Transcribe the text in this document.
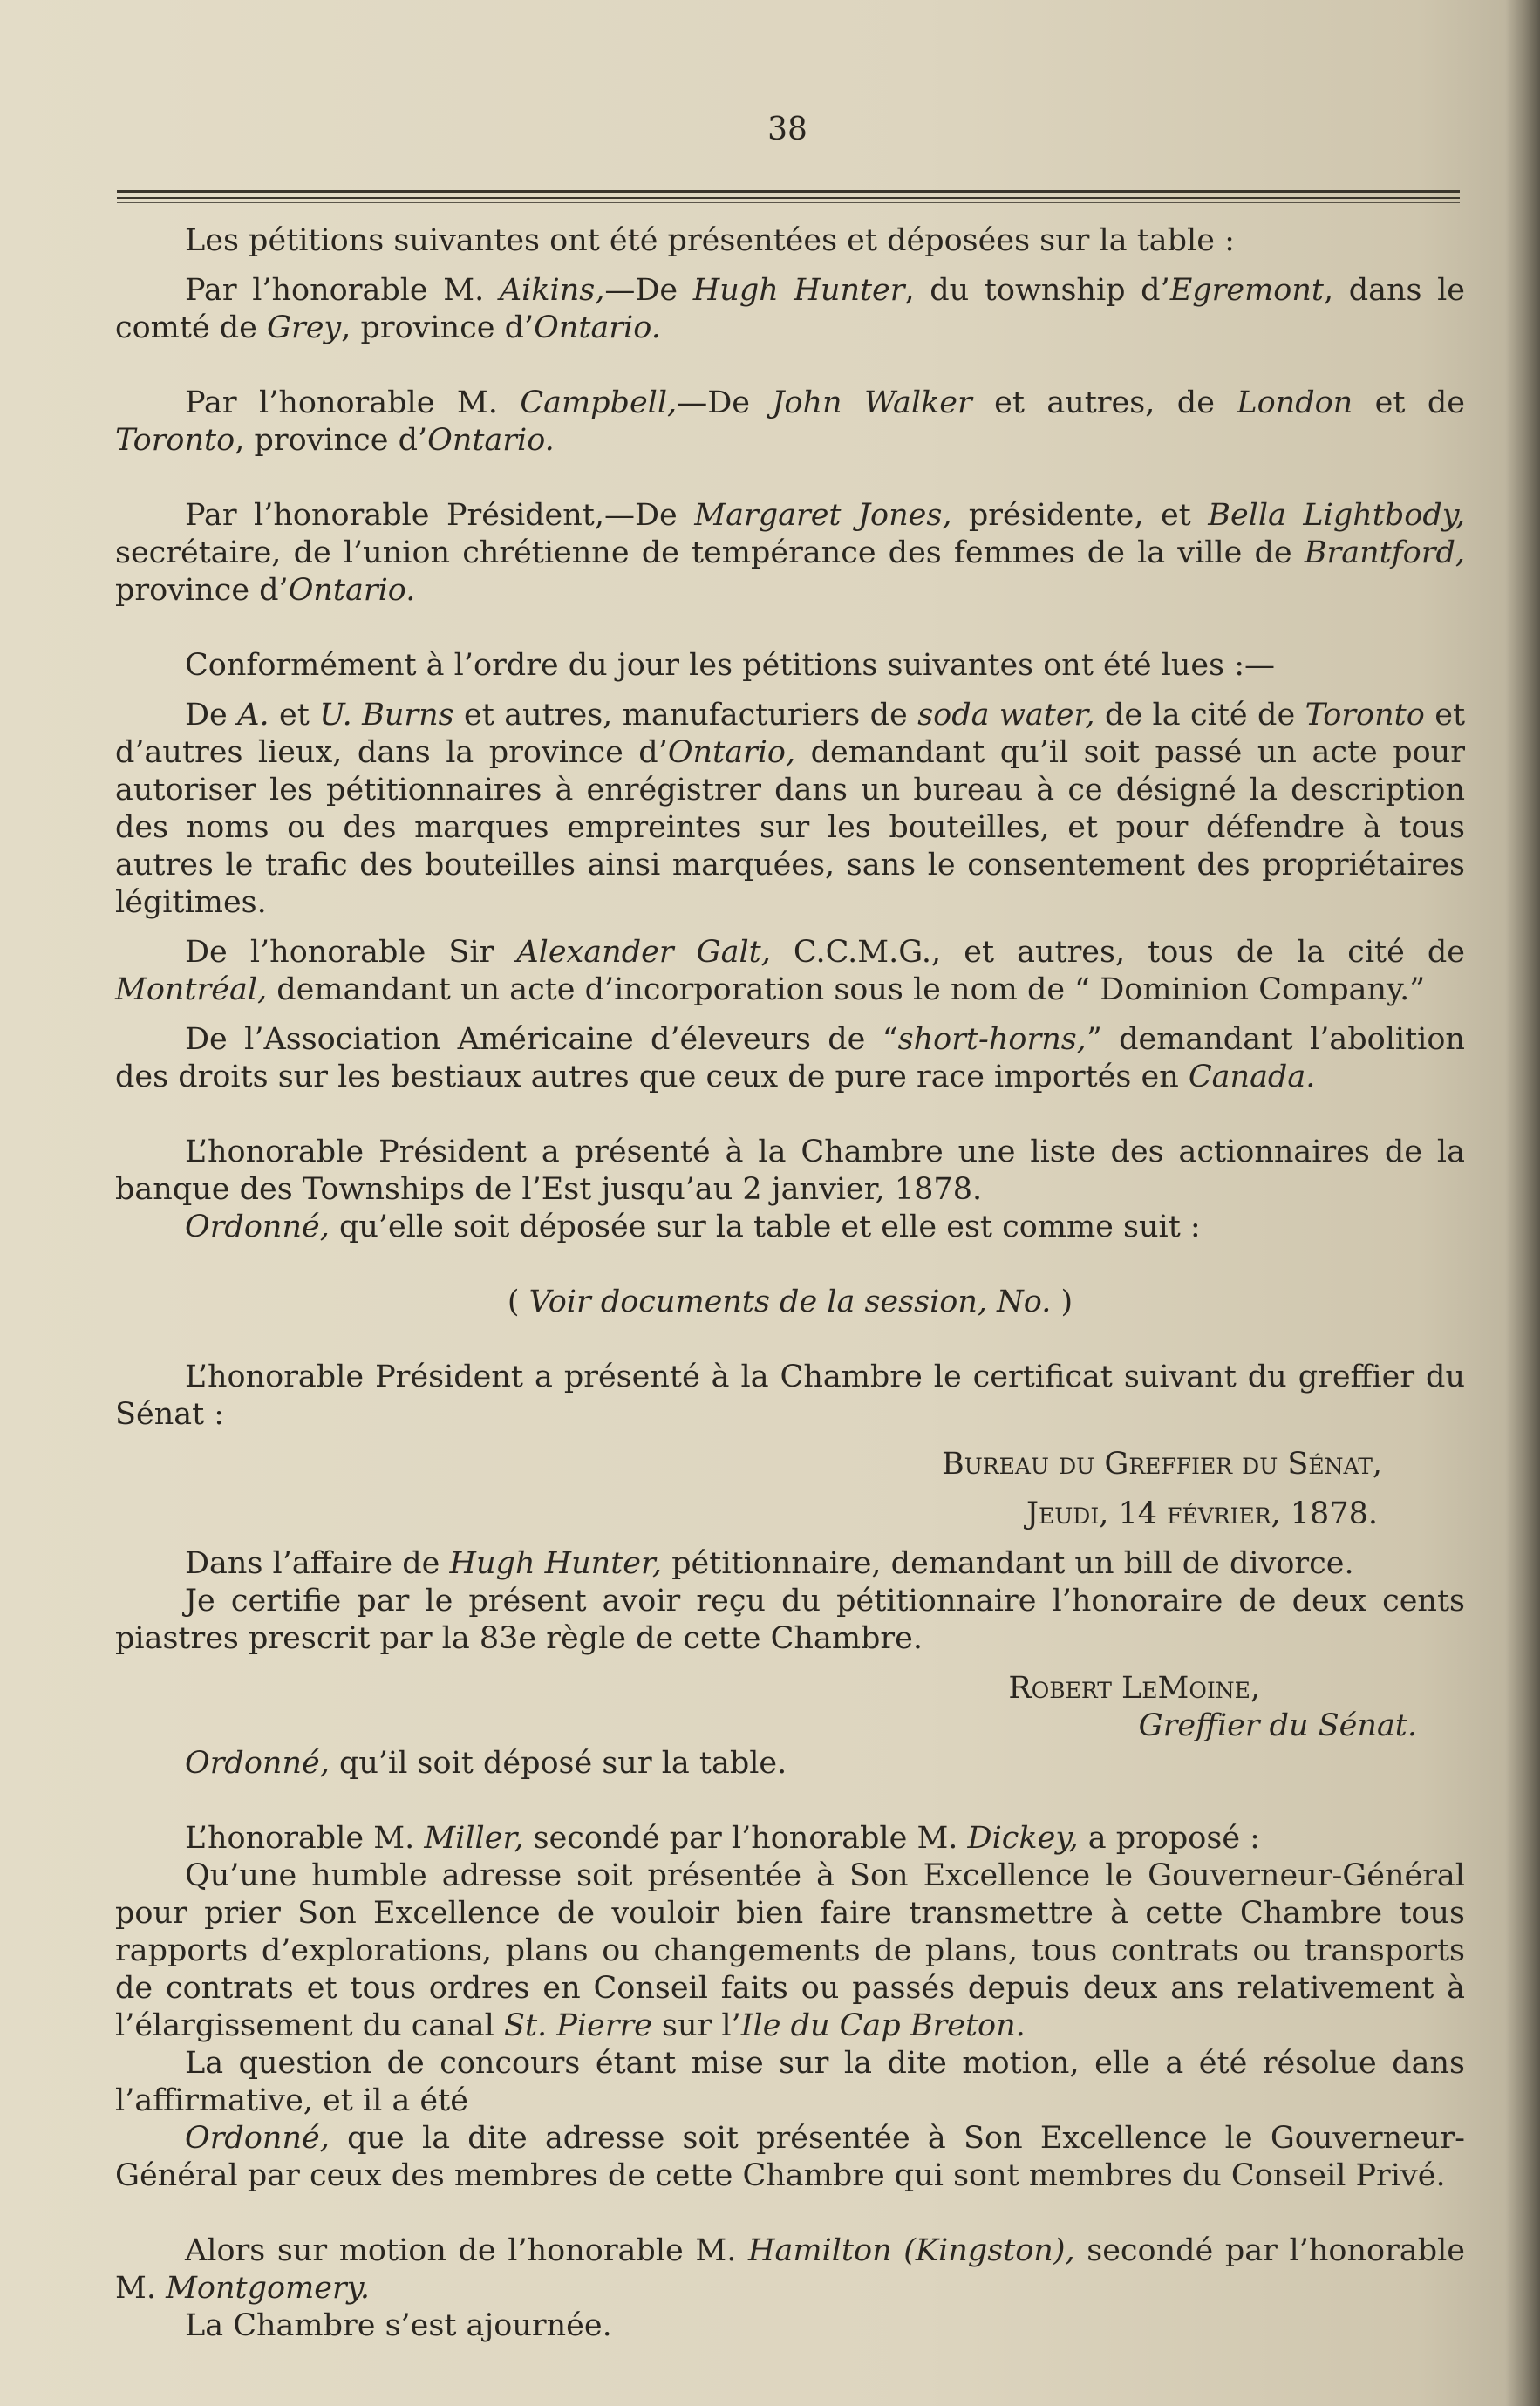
38

Les pétitions suivantes ont été présentées et déposées sur la table :

Par l’honorable M. Aikins,—De Hugh Hunter, du township d’Egremont, dans le comté de Grey, province d’Ontario.

Par l’honorable M. Campbell,—De John Walker et autres, de London et de Toronto, province d’Ontario.

Par l’honorable Président,—De Margaret Jones, présidente, et Bella Lightbody, secrétaire, de l’union chrétienne de tempérance des femmes de la ville de Brantford, province d’Ontario.

Conformément à l’ordre du jour les pétitions suivantes ont été lues :—

De A. et U. Burns et autres, manufacturiers de soda water, de la cité de Toronto et d’autres lieux, dans la province d’Ontario, demandant qu’il soit passé un acte pour autoriser les pétitionnaires à enrégistrer dans un bureau à ce désigné la description des noms ou des marques empreintes sur les bouteilles, et pour défendre à tous autres le trafic des bouteilles ainsi marquées, sans le consentement des propriétaires légitimes.

De l’honorable Sir Alexander Galt, C.C.M.G., et autres, tous de la cité de Montréal, demandant un acte d’incorporation sous le nom de “ Dominion Company.”

De l’Association Américaine d’éleveurs de “short-horns,” demandant l’abolition des droits sur les bestiaux autres que ceux de pure race importés en Canada.

L’honorable Président a présenté à la Chambre une liste des actionnaires de la banque des Townships de l’Est jusqu’au 2 janvier, 1878.

Ordonné, qu’elle soit déposée sur la table et elle est comme suit :

( Voir documents de la session, No. )

L’honorable Président a présenté à la Chambre le certificat suivant du greffier du Sénat :

Bureau du Greffier du Sénat,

Jeudi, 14 février, 1878.

Dans l’affaire de Hugh Hunter, pétitionnaire, demandant un bill de divorce.

Je certifie par le présent avoir reçu du pétitionnaire l’honoraire de deux cents piastres prescrit par la 83e règle de cette Chambre.

Robert LeMoine,

Greffier du Sénat.

Ordonné, qu’il soit déposé sur la table.

L’honorable M. Miller, secondé par l’honorable M. Dickey, a proposé :

Qu’une humble adresse soit présentée à Son Excellence le Gouverneur-Général pour prier Son Excellence de vouloir bien faire transmettre à cette Chambre tous rapports d’explorations, plans ou changements de plans, tous contrats ou transports de contrats et tous ordres en Conseil faits ou passés depuis deux ans relativement à l’élargissement du canal St. Pierre sur l’Ile du Cap Breton.

La question de concours étant mise sur la dite motion, elle a été résolue dans l’affirmative, et il a été

Ordonné, que la dite adresse soit présentée à Son Excellence le Gouverneur-Général par ceux des membres de cette Chambre qui sont membres du Conseil Privé.

Alors sur motion de l’honorable M. Hamilton (Kingston), secondé par l’honorable M. Montgomery.

La Chambre s’est ajournée.
